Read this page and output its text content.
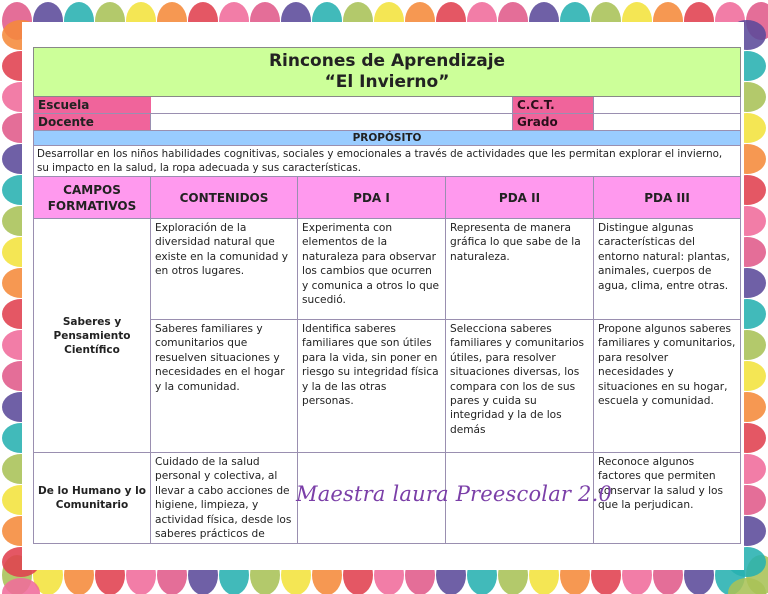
Rincones de Aprendizaje
“El Invierno”				

Escuela	C.C.T.			

Docente	Grado			

PROPÓSITO				
Desarrollar en los niños habilidades cognitivas, sociales y emocionales a través de actividades que les permitan explorar el invierno, su impacto en la salud, la ropa adecuada y sus características.				
CAMPOS FORMATIVOS	CONTENIDOS	PDA I	PDA II	PDA III
Saberes y Pensamiento Científico	Exploración de la diversidad natural que existe en la comunidad y en otros lugares.	Experimenta con elementos de la naturaleza para observar los cambios que ocurren y comunica a otros lo que sucedió.	Representa de manera gráfica lo que sabe de la naturaleza.	Distingue algunas características del entorno natural: plantas, animales, cuerpos de agua, clima, entre otras.
	Saberes familiares y comunitarios que resuelven situaciones y necesidades en el hogar y la comunidad.	Identifica saberes familiares que son útiles para la vida, sin poner en riesgo su integridad física y la de las otras personas.	Selecciona saberes familiares y comunitarios útiles, para resolver situaciones diversas, los compara con los de sus pares y cuida su integridad y la de los demás	Propone algunos saberes familiares y comunitarios, para resolver necesidades y situaciones en su hogar, escuela y comunidad.
De lo Humano y lo Comunitario	Cuidado de la salud personal y colectiva, al llevar a cabo acciones de higiene, limpieza, y actividad física, desde los saberes prácticos de			Reconoce algunos factores que permiten conservar la salud y los que la perjudican.
Maestra laura Preescolar 2.0
